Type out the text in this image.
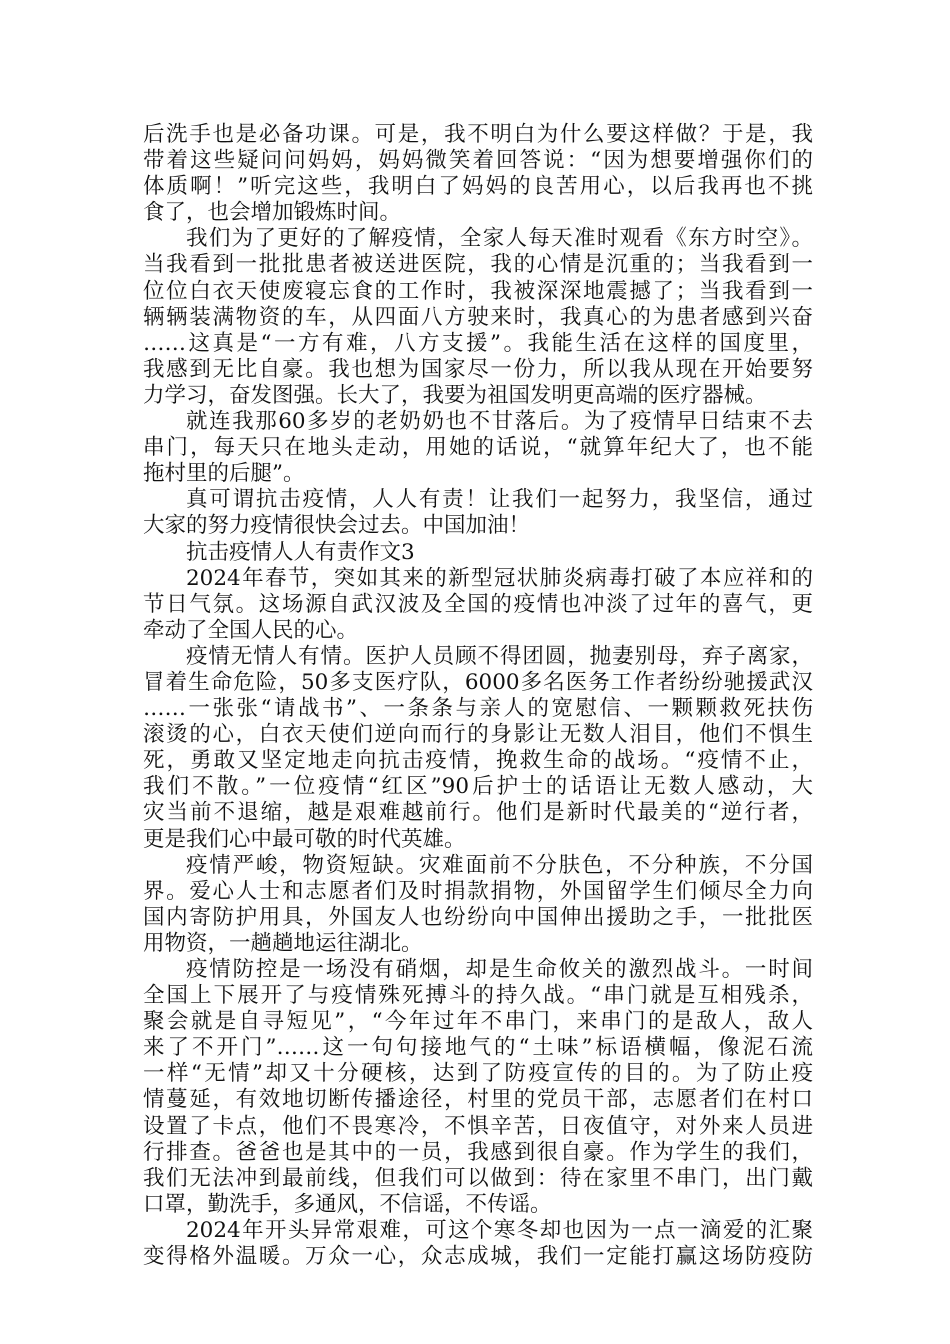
后洗手也是必备功课。可是，我不明白为什么要这样做？于是，我
带着这些疑问问妈妈，妈妈微笑着回答说：“因为想要增强你们的
体质啊！”听完这些，我明白了妈妈的良苦用心，以后我再也不挑
食了，也会增加锻炼时间。
我们为了更好的了解疫情，全家人每天准时观看《东方时空》。
当我看到一批批患者被送进医院，我的心情是沉重的；当我看到一
位位白衣天使废寝忘食的工作时，我被深深地震撼了；当我看到一
辆辆装满物资的车，从四面八方驶来时，我真心的为患者感到兴奋
……这真是“一方有难，八方支援”。我能生活在这样的国度里，
我感到无比自豪。我也想为国家尽一份力，所以我从现在开始要努
力学习，奋发图强。长大了，我要为祖国发明更高端的医疗器械。
就连我那60多岁的老奶奶也不甘落后。为了疫情早日结束不去
串门，每天只在地头走动，用她的话说，“就算年纪大了，也不能
拖村里的后腿”。
真可谓抗击疫情，人人有责！让我们一起努力，我坚信，通过
大家的努力疫情很快会过去。中国加油！
抗击疫情人人有责作文3
2024年春节，突如其来的新型冠状肺炎病毒打破了本应祥和的
节日气氛。这场源自武汉波及全国的疫情也冲淡了过年的喜气，更
牵动了全国人民的心。
疫情无情人有情。医护人员顾不得团圆，抛妻别母，弃子离家，
冒着生命危险，50多支医疗队，6000多名医务工作者纷纷驰援武汉
……一张张“请战书”、一条条与亲人的宽慰信、一颗颗救死扶伤
滚烫的心，白衣天使们逆向而行的身影让无数人泪目，他们不惧生
死，勇敢又坚定地走向抗击疫情，挽救生命的战场。“疫情不止，
我们不散。”一位疫情“红区”90后护士的话语让无数人感动，大
灾当前不退缩，越是艰难越前行。他们是新时代最美的“逆行者，
更是我们心中最可敬的时代英雄。
疫情严峻，物资短缺。灾难面前不分肤色，不分种族，不分国
界。爱心人士和志愿者们及时捐款捐物，外国留学生们倾尽全力向
国内寄防护用具，外国友人也纷纷向中国伸出援助之手，一批批医
用物资，一趟趟地运往湖北。
疫情防控是一场没有硝烟，却是生命攸关的激烈战斗。一时间
全国上下展开了与疫情殊死搏斗的持久战。“串门就是互相残杀，
聚会就是自寻短见”，“今年过年不串门，来串门的是敌人，敌人
来了不开门”……这一句句接地气的“土味”标语横幅，像泥石流
一样“无情”却又十分硬核，达到了防疫宣传的目的。为了防止疫
情蔓延，有效地切断传播途径，村里的党员干部，志愿者们在村口
设置了卡点，他们不畏寒冷，不惧辛苦，日夜值守，对外来人员进
行排查。爸爸也是其中的一员，我感到很自豪。作为学生的我们，
我们无法冲到最前线，但我们可以做到：待在家里不串门，出门戴
口罩，勤洗手，多通风，不信谣，不传谣。
2024年开头异常艰难，可这个寒冬却也因为一点一滴爱的汇聚
变得格外温暖。万众一心，众志成城，我们一定能打赢这场防疫防
